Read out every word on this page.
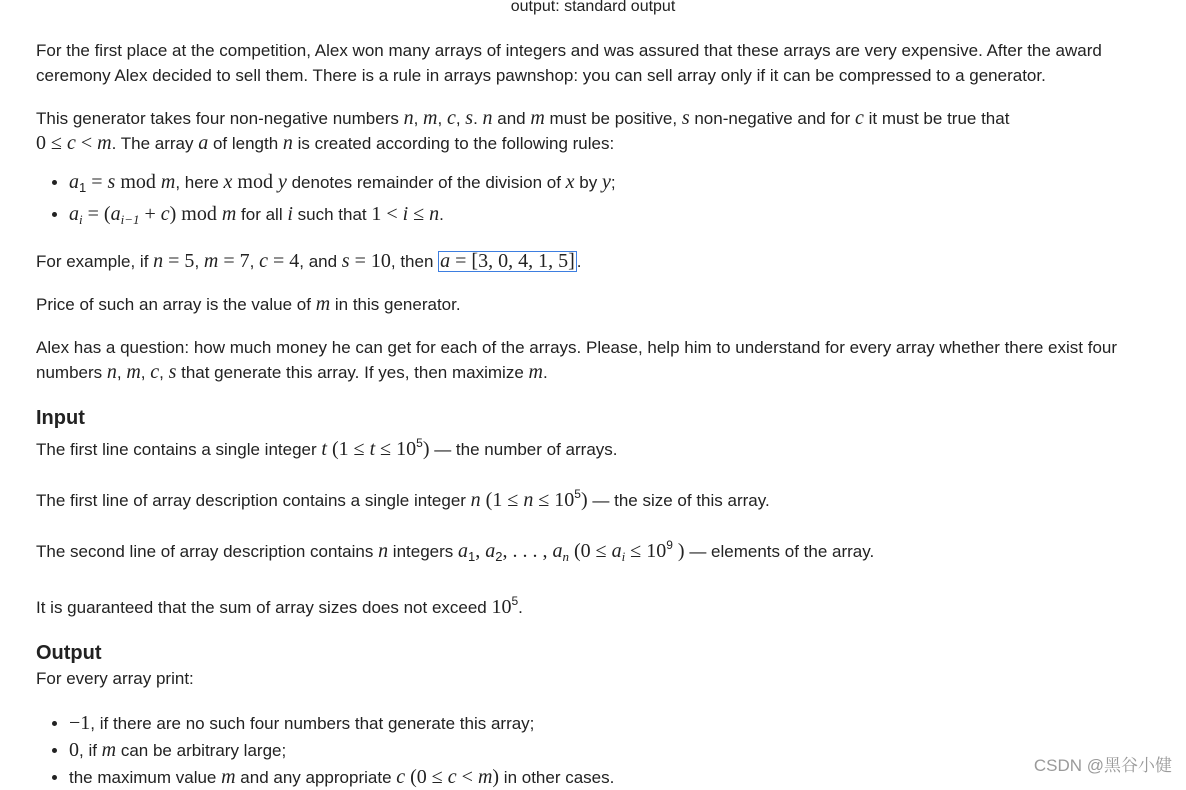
output: standard output

For the first place at the competition, Alex won many arrays of integers and was assured that these arrays are very expensive. After the award ceremony Alex decided to sell them. There is a rule in arrays pawnshop: you can sell array only if it can be compressed to a generator.

This generator takes four non-negative numbers n, m, c, s. n and m must be positive, s non-negative and for c it must be true that
0 ≤ c < m. The array a of length n is created according to the following rules:

• $a_1 = s$ mod m, here x mod y denotes remainder of the division of x by y;
• $a_i = (a_{i-1} + c)$ mod m for all i such that 1 < i ≤ n.

For example, if n = 5, m = 7, c = 4, and s = 10, then a = [3, 0, 4, 1, 5] .

Price of such an array is the value of m in this generator.

Alex has a question: how much money he can get for each of the arrays. Please, help him to understand for every array whether there exist four numbers n, m, c, s that generate this array. If yes, then maximize m.

Input

The first line contains a single integer t $(1 \le t \le 10^5)$ — the number of arrays.

The first line of array description contains a single integer n $(1 \le n \le 10^5)$ — the size of this array.

The second line of array description contains n integers $a_1$, $a_2$, . . . , $a_n$ ($0 \le a_i \le 10^9$ ) — elements of the array.

It is guaranteed that the sum of array sizes does not exceed $10^5$.

Output

For every array print:

• −1, if there are no such four numbers that generate this array;
• 0, if m can be arbitrary large;
• the maximum value m and any appropriate c (0 ≤ c < m) in other cases.
CSDN @黑谷小健
